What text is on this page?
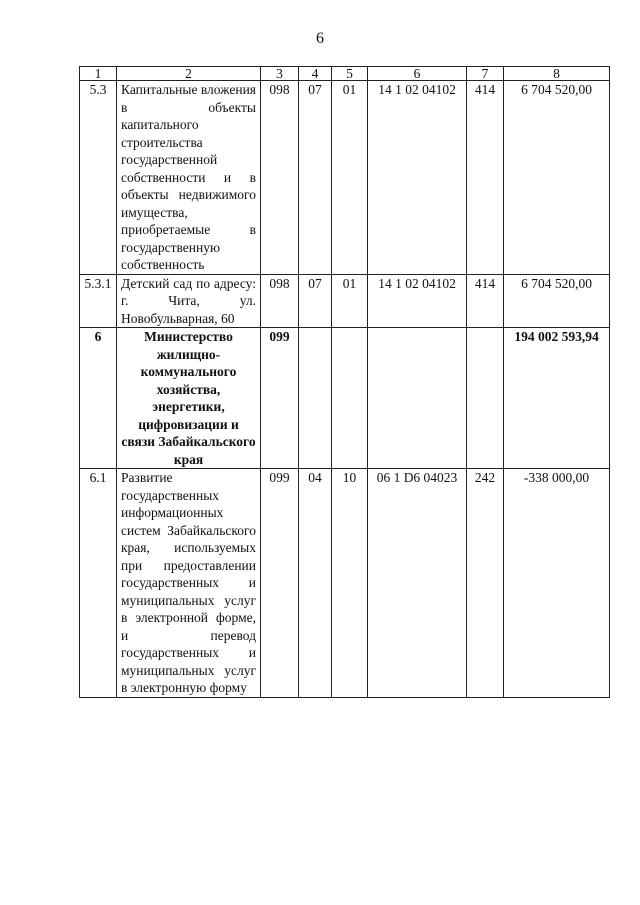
6
1	2	3	4	5	6	7	8
5.3	Капитальные вложения в объекты капитального строительства государственной собственности и в объекты недвижимого имущества, приобретаемые в государственную собственность	098	07	01	14 1 02 04102	414	6 704 520,00
5.3.1	Детский сад по адресу: г. Чита, ул. Новобульварная, 60	098	07	01	14 1 02 04102	414	6 704 520,00
6	Министерство жилищно-коммунального хозяйства, энергетики, цифровизации и связи Забайкальского края	099					194 002 593,94
6.1	Развитие государственных информационных систем Забайкальского края, используемых при предоставлении государственных и муниципальных услуг в электронной форме, и перевод государственных и муниципальных услуг в электронную форму	099	04	10	06 1 D6 04023	242	-338 000,00
